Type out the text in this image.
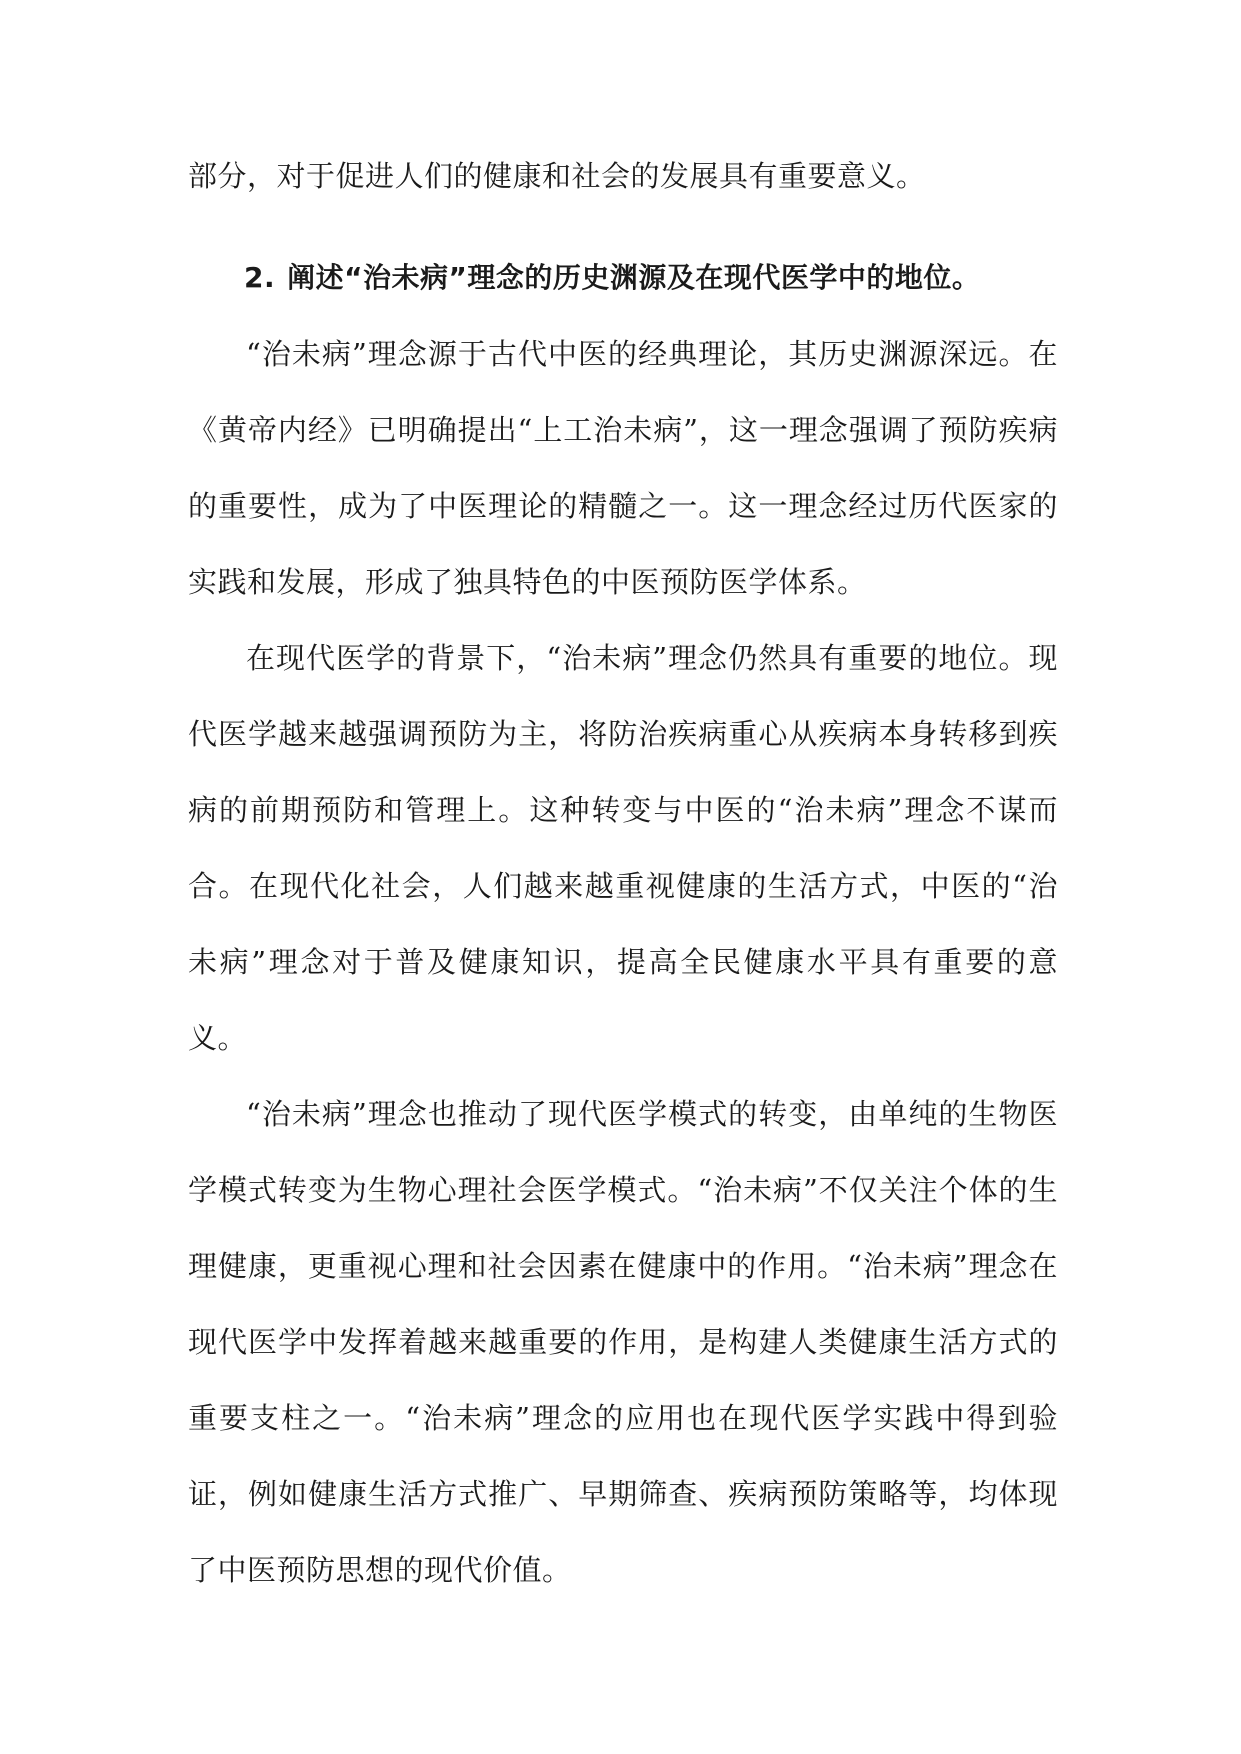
部分，对于促进人们的健康和社会的发展具有重要意义。

2. 阐述“治未病”理念的历史渊源及在现代医学中的地位。

“治未病”理念源于古代中医的经典理论，其历史渊源深远。在《黄帝内经》已明确提出“上工治未病”，这一理念强调了预防疾病的重要性，成为了中医理论的精髓之一。这一理念经过历代医家的实践和发展，形成了独具特色的中医预防医学体系。

在现代医学的背景下，“治未病”理念仍然具有重要的地位。现代医学越来越强调预防为主，将防治疾病重心从疾病本身转移到疾病的前期预防和管理上。这种转变与中医的“治未病”理念不谋而合。在现代化社会，人们越来越重视健康的生活方式，中医的“治未病”理念对于普及健康知识，提高全民健康水平具有重要的意义。

“治未病”理念也推动了现代医学模式的转变，由单纯的生物医学模式转变为生物心理社会医学模式。“治未病”不仅关注个体的生理健康，更重视心理和社会因素在健康中的作用。“治未病”理念在现代医学中发挥着越来越重要的作用，是构建人类健康生活方式的重要支柱之一。“治未病”理念的应用也在现代医学实践中得到验证，例如健康生活方式推广、早期筛查、疾病预防策略等，均体现了中医预防思想的现代价值。
